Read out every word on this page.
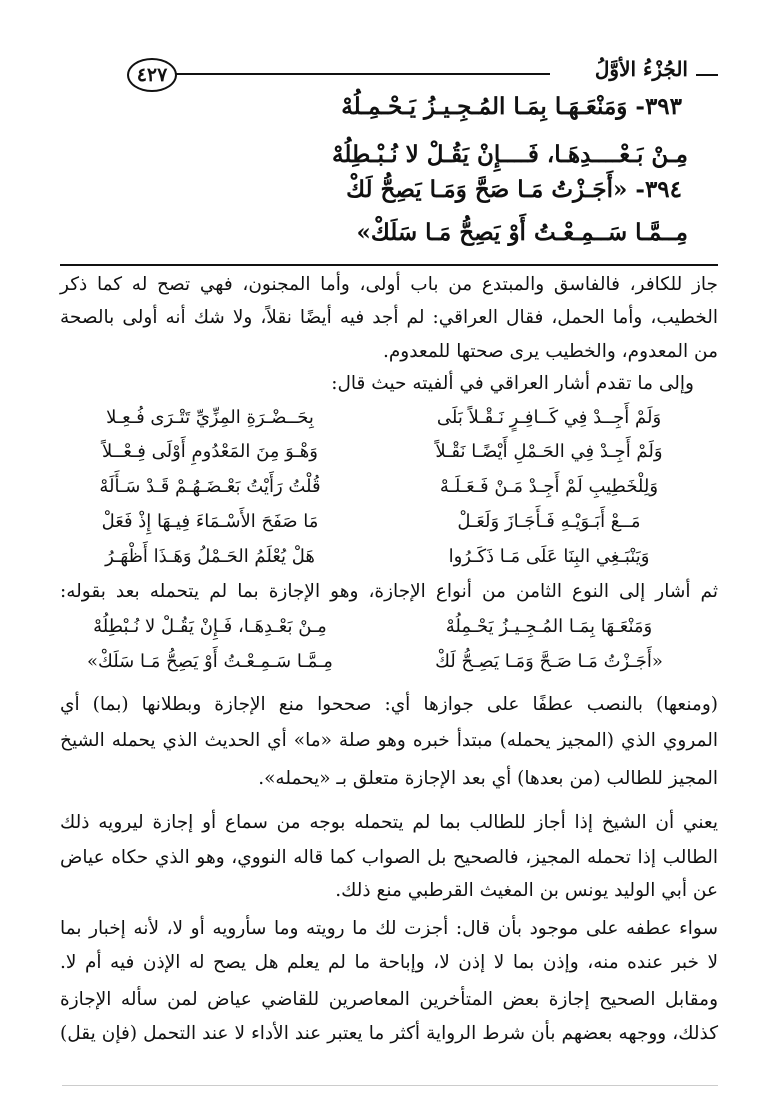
الجُزْءُ الأوَّلُ
٤٢٧
٣٩٣- وَمَنْعَـهَـا بِمَـا المُـجِـيـزُ يَـحْـمِـلُهْ
مِـنْ بَـعْــــدِهَـا، فَــــإِنْ يَقُـلْ لا نُـبْـطِلُهْ
٣٩٤- «أَجَـزْتُ مَـا صَحَّ وَمَـا يَصِحُّ لَكْ
مِــمَّـا سَــمِـعْـتُ أَوْ يَصِحُّ مَـا سَلَكْ»
جاز للكافر، فالفاسق والمبتدع من باب أولى، وأما المجنون، فهي تصح له كما ذكر
الخطيب، وأما الحمل، فقال العراقي: لم أجد فيه أيضًا نقلاً، ولا شك أنه أولى بالصحة
من المعدوم، والخطيب يرى صحتها للمعدوم.
وإلى ما تقدم أشار العراقي في ألفيته حيث قال:
وَلَمْ أَجِــدْ فِي كَــافِـرٍ نَـقْـلاً بَلَى
بِحَــضْـرَةِ المِزِّيِّ تَتْـرَى فُـعِـلا
وَلَمْ أَجِـدْ فِي الحَـمْلِ أَيْضًـا نَقْـلاً
وَهْـوَ مِنَ المَعْدُومِ أَوْلَى فِـعْــلاً
وَلِلْخَطِيبِ لَمْ أَجِـدْ مَـنْ فَـعَـلَـهْ
قُلْتُ رَأَيْتُ بَعْـضَـهُـمْ قَـدْ سَـأَلَهْ
مَــعْ أَبَـوَيْـهِ فَـأَجَـازَ وَلَعَـلْ
مَا صَفَحَ الأَسْـمَاءَ فِيـهَا إِذْ فَعَلْ
وَيَنْبَـغِي البِنَا عَلَى مَـا ذَكَـرُوا
هَلْ يُعْلَمُ الحَـمْلُ وَهَـذَا أَظْهَـرُ
ثم أشار إلى النوع الثامن من أنواع الإجازة، وهو الإجازة بما لم يتحمله بعد بقوله:
وَمَنْعَـهَا بِمَـا المُـجِـيـزُ يَحْـمِلُهْ
مِـنْ بَعْـدِهَـا، فَـإِنْ يَقُـلْ لا نُـبْطِلُهْ
«أَجَـزْتُ مَـا صَـحَّ وَمَـا يَصِـحُّ لَكْ
مِـمَّـا سَـمِـعْـتُ أَوْ يَصِحُّ مَـا سَلَكْ»
(ومنعها) بالنصب عطفًا على جوازها أي: صححوا منع الإجازة وبطلانها (بما) أي
المروي الذي (المجيز يحمله) مبتدأ خبره وهو صلة «ما» أي الحديث الذي يحمله الشيخ
المجيز للطالب (من بعدها) أي بعد الإجازة متعلق بـ «يحمله».
يعني أن الشيخ إذا أجاز للطالب بما لم يتحمله بوجه من سماع أو إجازة ليرويه ذلك
الطالب إذا تحمله المجيز، فالصحيح بل الصواب كما قاله النووي، وهو الذي حكاه عياض
عن أبي الوليد يونس بن المغيث القرطبي منع ذلك.
سواء عطفه على موجود بأن قال: أجزت لك ما رويته وما سأرويه أو لا، لأنه إخبار بما
لا خبر عنده منه، وإذن بما لا إذن لا، وإباحة ما لم يعلم هل يصح له الإذن فيه أم لا.
ومقابل الصحيح إجازة بعض المتأخرين المعاصرين للقاضي عياض لمن سأله الإجازة
كذلك، ووجهه بعضهم بأن شرط الرواية أكثر ما يعتبر عند الأداء لا عند التحمل (فإن يقل)
